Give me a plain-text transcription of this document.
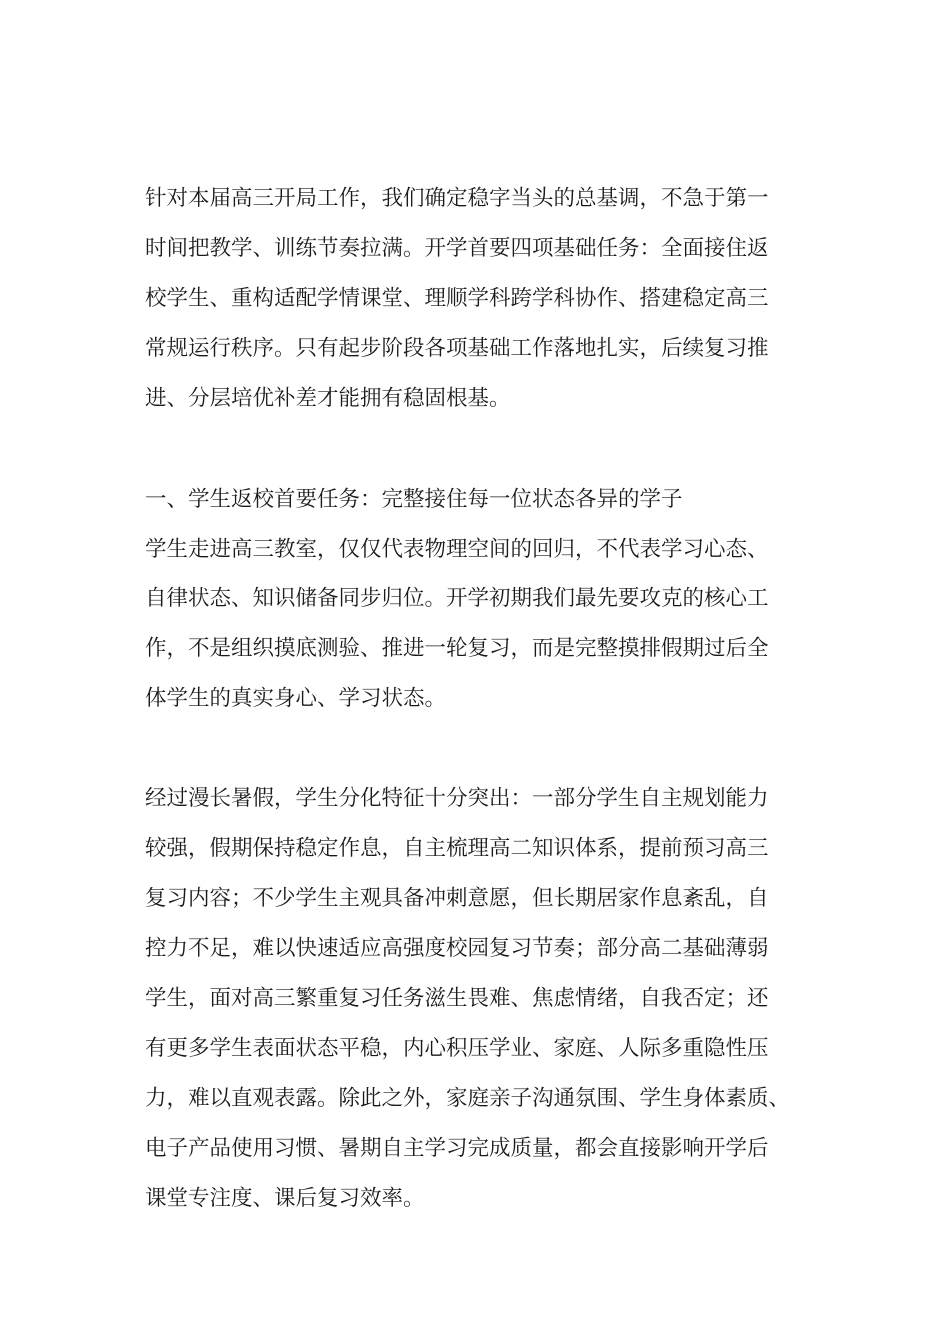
针对本届高三开局工作，我们确定稳字当头的总基调，不急于第一

时间把教学、训练节奏拉满。开学首要四项基础任务：全面接住返

校学生、重构适配学情课堂、理顺学科跨学科协作、搭建稳定高三

常规运行秩序。只有起步阶段各项基础工作落地扎实，后续复习推

进、分层培优补差才能拥有稳固根基。

一、学生返校首要任务：完整接住每一位状态各异的学子

学生走进高三教室，仅仅代表物理空间的回归，不代表学习心态、

自律状态、知识储备同步归位。开学初期我们最先要攻克的核心工

作，不是组织摸底测验、推进一轮复习，而是完整摸排假期过后全

体学生的真实身心、学习状态。

经过漫长暑假，学生分化特征十分突出：一部分学生自主规划能力

较强，假期保持稳定作息，自主梳理高二知识体系，提前预习高三

复习内容；不少学生主观具备冲刺意愿，但长期居家作息紊乱，自

控力不足，难以快速适应高强度校园复习节奏；部分高二基础薄弱

学生，面对高三繁重复习任务滋生畏难、焦虑情绪，自我否定；还

有更多学生表面状态平稳，内心积压学业、家庭、人际多重隐性压

力，难以直观表露。除此之外，家庭亲子沟通氛围、学生身体素质、

电子产品使用习惯、暑期自主学习完成质量，都会直接影响开学后

课堂专注度、课后复习效率。
